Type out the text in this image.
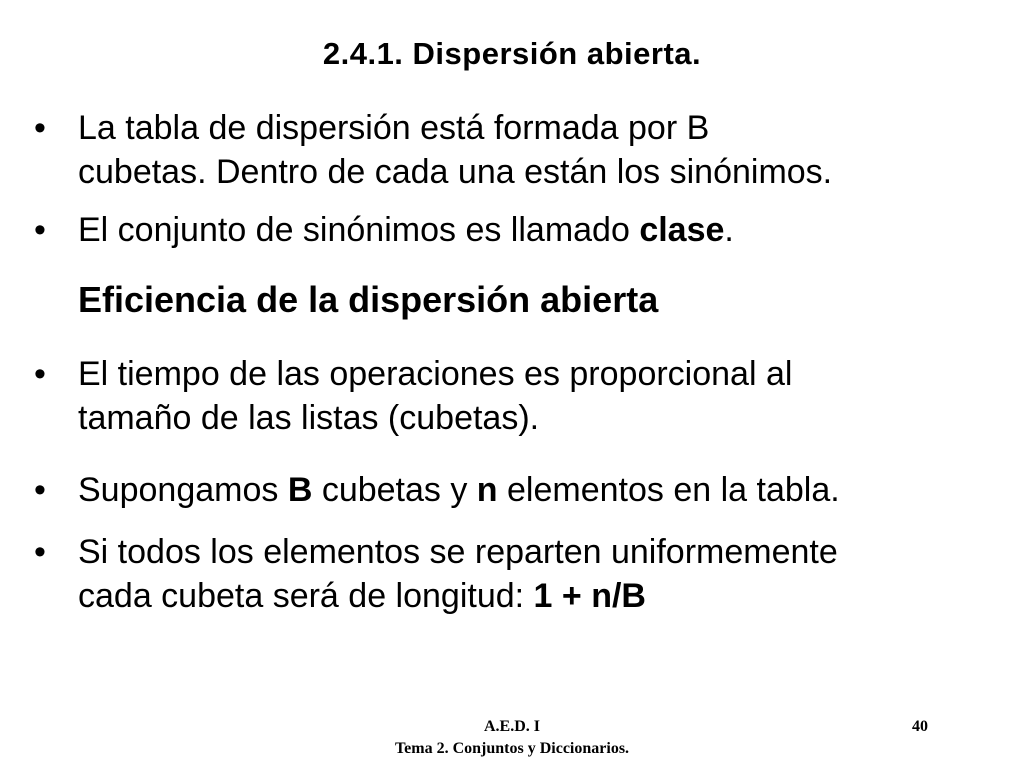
2.4.1. Dispersión abierta.
• La tabla de dispersión está formada por B
cubetas. Dentro de cada una están los sinónimos.
• El conjunto de sinónimos es llamado clase.
Eficiencia de la dispersión abierta
• El tiempo de las operaciones es proporcional al
tamaño de las listas (cubetas).
• Supongamos B cubetas y n elementos en la tabla.
• Si todos los elementos se reparten uniformemente
cada cubeta será de longitud: 1 + n/B
A.E.D. I
Tema 2. Conjuntos y Diccionarios.
40
